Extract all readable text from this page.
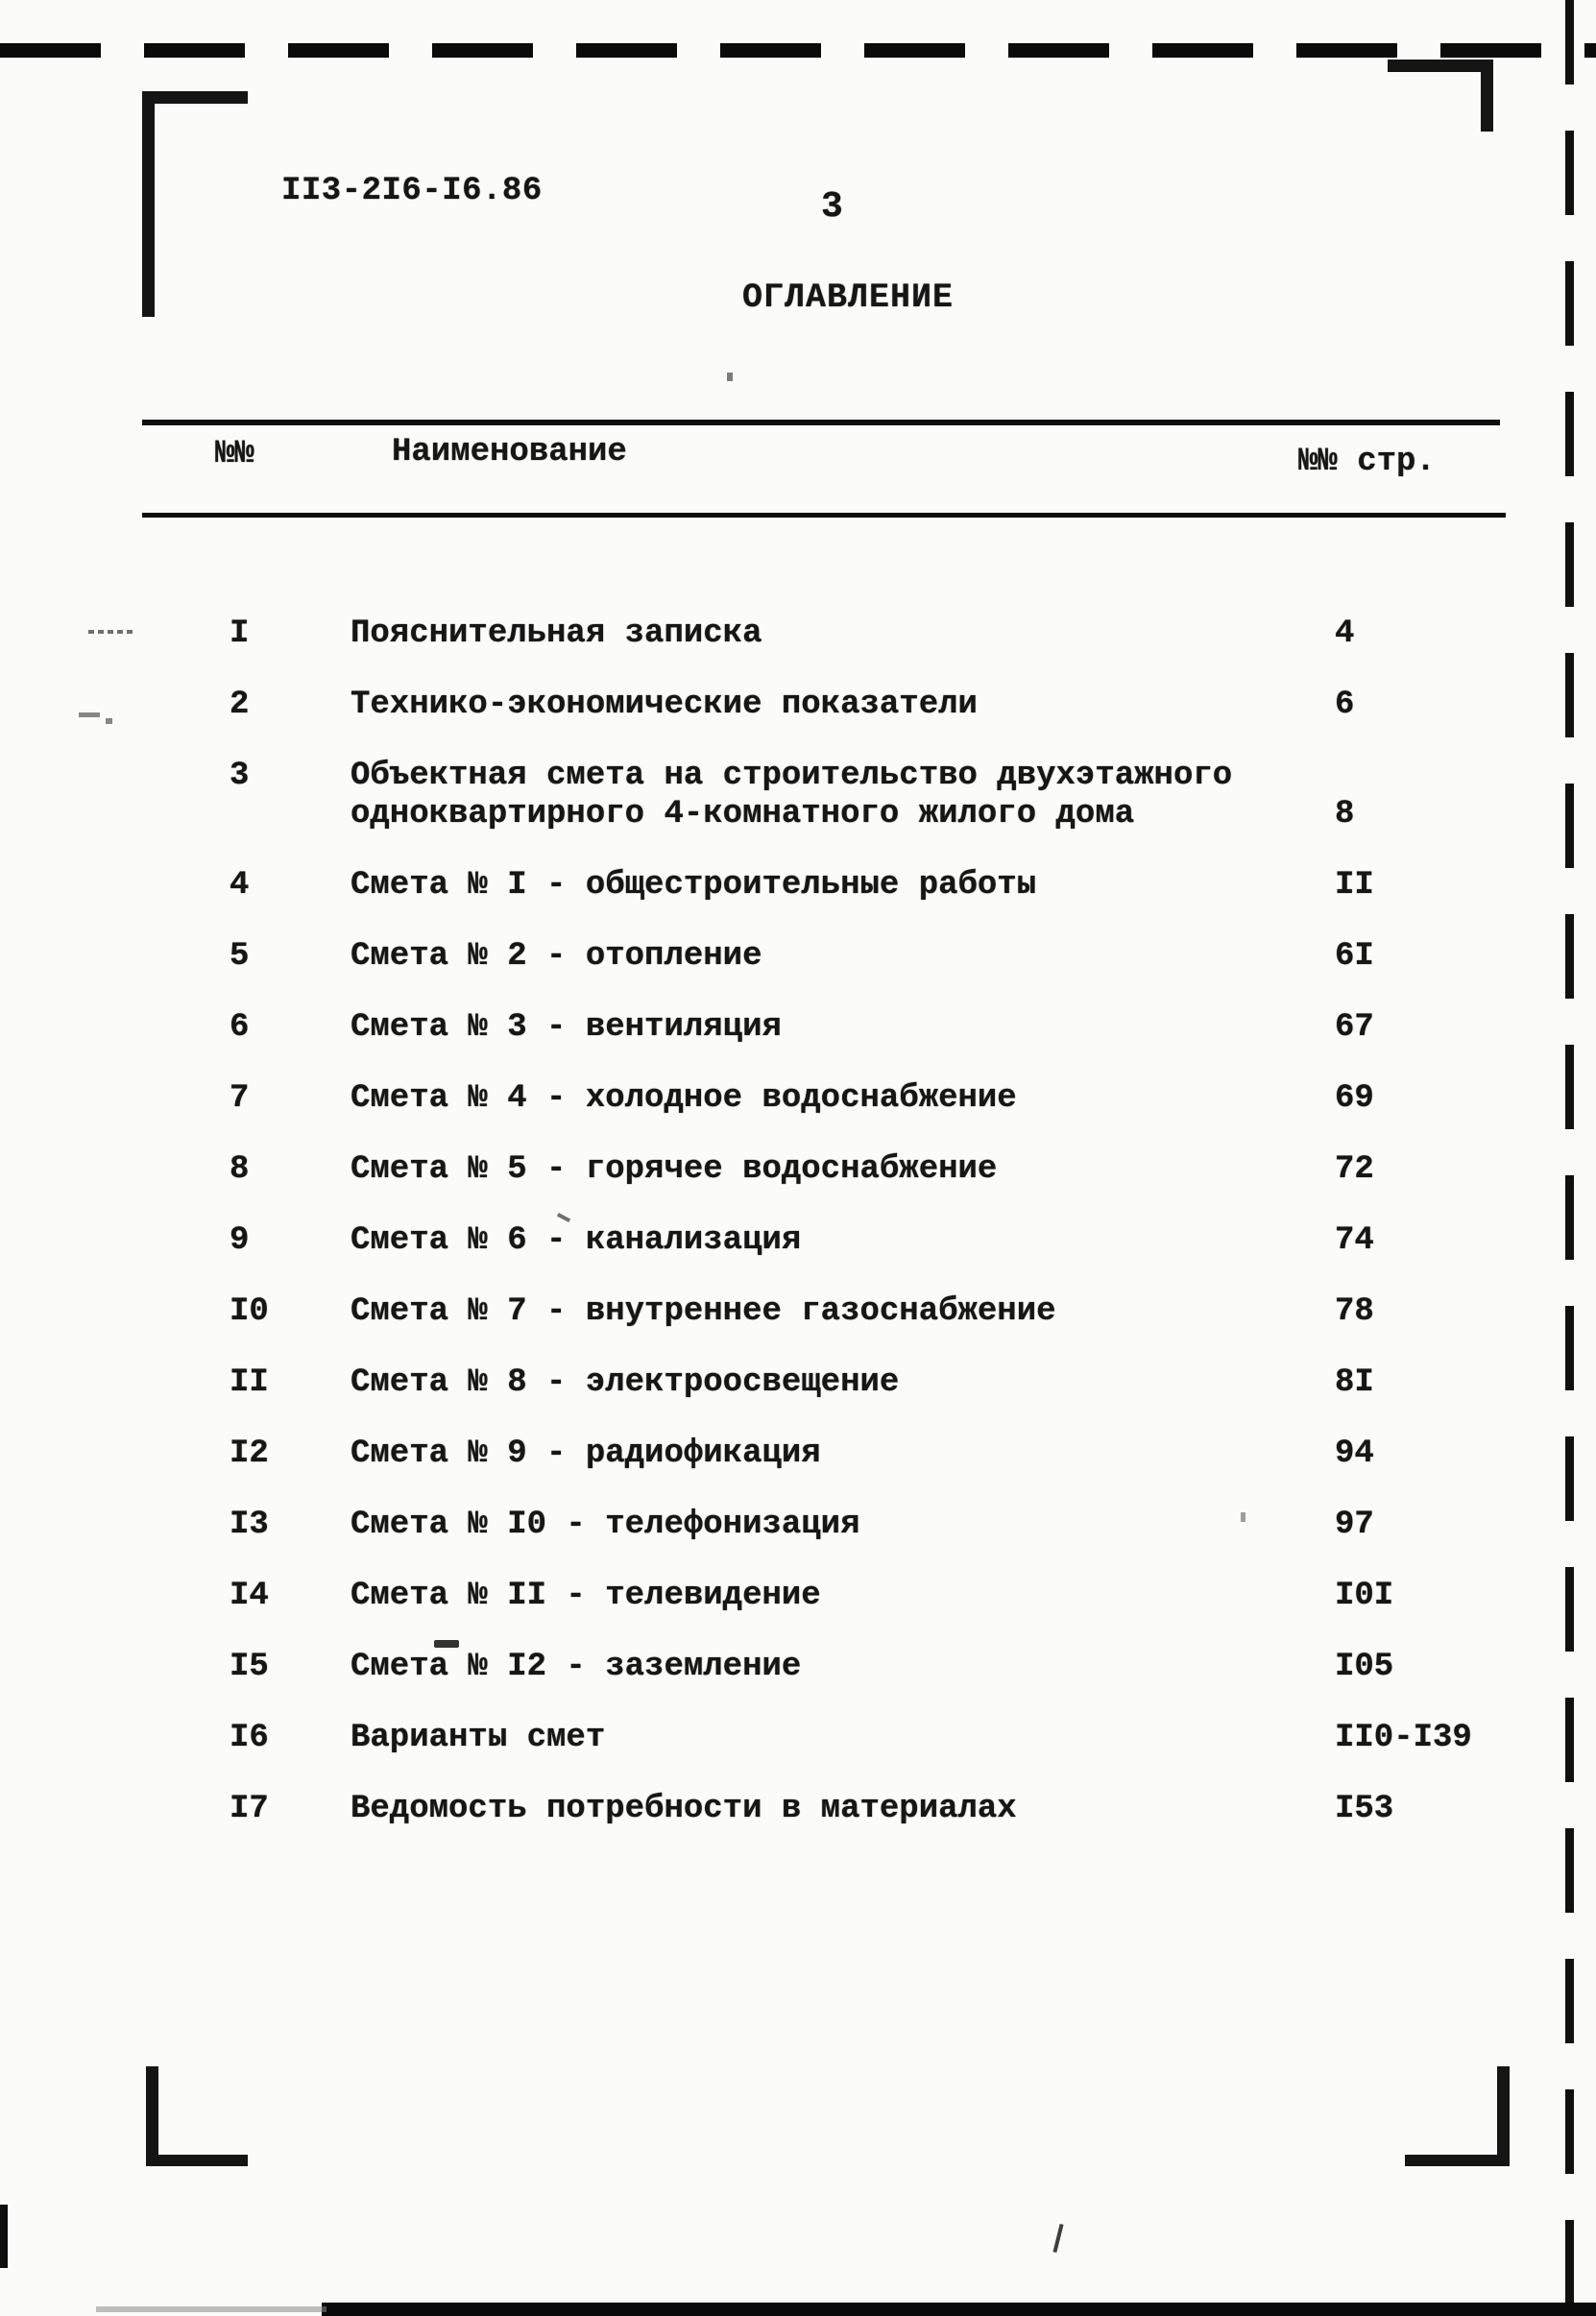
II3-2I6-I6.86	3
ОГЛАВЛЕНИЕ
№№	Наименование	№№ стр.
I	Пояснительная записка	4
2	Технико-экономические показатели	6
3	Объектная смета на строительство двухэтажного одноквартирного 4-комнатного жилого дома	8
4	Смета № I - общестроительные работы	II
5	Смета № 2 - отопление	6I
6	Смета № 3 - вентиляция	67
7	Смета № 4 - холодное водоснабжение	69
8	Смета № 5 - горячее водоснабжение	72
9	Смета № 6 - канализация	74
I0	Смета № 7 - внутреннее газоснабжение	78
II	Смета № 8 - электроосвещение	8I
I2	Смета № 9 - радиофикация	94
I3	Смета № I0 - телефонизация	97
I4	Смета № II - телевидение	I0I
I5	Смета № I2 - заземление	I05
I6	Варианты смет	II0-I39
I7	Ведомость потребности в материалах	I53
